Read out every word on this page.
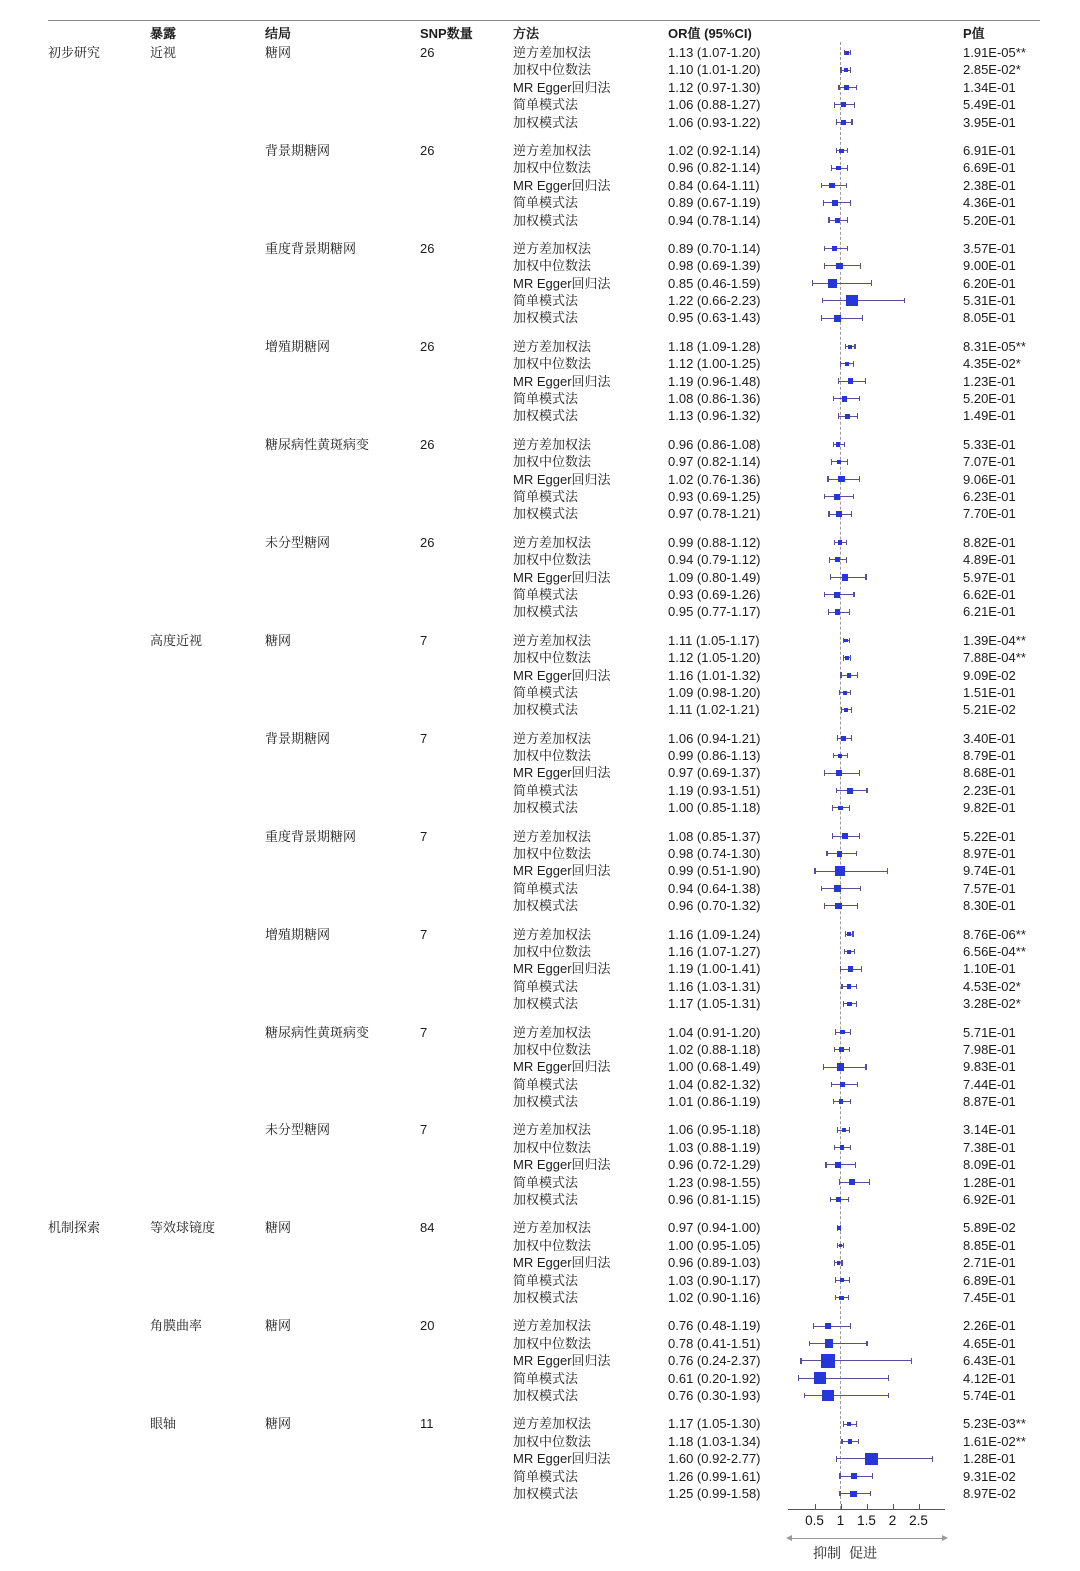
暴露	结局	SNP数量	方法	OR值 (95%CI)	P值
初步研究	近视	糖网	26	逆方差加权法	1.13 (1.07-1.20)	1.91E-05**
加权中位数法	1.10 (1.01-1.20)	2.85E-02*
MR Egger回归法	1.12 (0.97-1.30)	1.34E-01
简单模式法	1.06 (0.88-1.27)	5.49E-01
加权模式法	1.06 (0.93-1.22)	3.95E-01
背景期糖网	26	逆方差加权法	1.02 (0.92-1.14)	6.91E-01
加权中位数法	0.96 (0.82-1.14)	6.69E-01
MR Egger回归法	0.84 (0.64-1.11)	2.38E-01
简单模式法	0.89 (0.67-1.19)	4.36E-01
加权模式法	0.94 (0.78-1.14)	5.20E-01
重度背景期糖网	26	逆方差加权法	0.89 (0.70-1.14)	3.57E-01
加权中位数法	0.98 (0.69-1.39)	9.00E-01
MR Egger回归法	0.85 (0.46-1.59)	6.20E-01
简单模式法	1.22 (0.66-2.23)	5.31E-01
加权模式法	0.95 (0.63-1.43)	8.05E-01
增殖期糖网	26	逆方差加权法	1.18 (1.09-1.28)	8.31E-05**
加权中位数法	1.12 (1.00-1.25)	4.35E-02*
MR Egger回归法	1.19 (0.96-1.48)	1.23E-01
简单模式法	1.08 (0.86-1.36)	5.20E-01
加权模式法	1.13 (0.96-1.32)	1.49E-01
糖尿病性黄斑病变	26	逆方差加权法	0.96 (0.86-1.08)	5.33E-01
加权中位数法	0.97 (0.82-1.14)	7.07E-01
MR Egger回归法	1.02 (0.76-1.36)	9.06E-01
简单模式法	0.93 (0.69-1.25)	6.23E-01
加权模式法	0.97 (0.78-1.21)	7.70E-01
未分型糖网	26	逆方差加权法	0.99 (0.88-1.12)	8.82E-01
加权中位数法	0.94 (0.79-1.12)	4.89E-01
MR Egger回归法	1.09 (0.80-1.49)	5.97E-01
简单模式法	0.93 (0.69-1.26)	6.62E-01
加权模式法	0.95 (0.77-1.17)	6.21E-01
高度近视	糖网	7	逆方差加权法	1.11 (1.05-1.17)	1.39E-04**
加权中位数法	1.12 (1.05-1.20)	7.88E-04**
MR Egger回归法	1.16 (1.01-1.32)	9.09E-02
简单模式法	1.09 (0.98-1.20)	1.51E-01
加权模式法	1.11 (1.02-1.21)	5.21E-02
背景期糖网	7	逆方差加权法	1.06 (0.94-1.21)	3.40E-01
加权中位数法	0.99 (0.86-1.13)	8.79E-01
MR Egger回归法	0.97 (0.69-1.37)	8.68E-01
简单模式法	1.19 (0.93-1.51)	2.23E-01
加权模式法	1.00 (0.85-1.18)	9.82E-01
重度背景期糖网	7	逆方差加权法	1.08 (0.85-1.37)	5.22E-01
加权中位数法	0.98 (0.74-1.30)	8.97E-01
MR Egger回归法	0.99 (0.51-1.90)	9.74E-01
简单模式法	0.94 (0.64-1.38)	7.57E-01
加权模式法	0.96 (0.70-1.32)	8.30E-01
增殖期糖网	7	逆方差加权法	1.16 (1.09-1.24)	8.76E-06**
加权中位数法	1.16 (1.07-1.27)	6.56E-04**
MR Egger回归法	1.19 (1.00-1.41)	1.10E-01
简单模式法	1.16 (1.03-1.31)	4.53E-02*
加权模式法	1.17 (1.05-1.31)	3.28E-02*
糖尿病性黄斑病变	7	逆方差加权法	1.04 (0.91-1.20)	5.71E-01
加权中位数法	1.02 (0.88-1.18)	7.98E-01
MR Egger回归法	1.00 (0.68-1.49)	9.83E-01
简单模式法	1.04 (0.82-1.32)	7.44E-01
加权模式法	1.01 (0.86-1.19)	8.87E-01
未分型糖网	7	逆方差加权法	1.06 (0.95-1.18)	3.14E-01
加权中位数法	1.03 (0.88-1.19)	7.38E-01
MR Egger回归法	0.96 (0.72-1.29)	8.09E-01
简单模式法	1.23 (0.98-1.55)	1.28E-01
加权模式法	0.96 (0.81-1.15)	6.92E-01
机制探索	等效球镜度	糖网	84	逆方差加权法	0.97 (0.94-1.00)	5.89E-02
加权中位数法	1.00 (0.95-1.05)	8.85E-01
MR Egger回归法	0.96 (0.89-1.03)	2.71E-01
简单模式法	1.03 (0.90-1.17)	6.89E-01
加权模式法	1.02 (0.90-1.16)	7.45E-01
角膜曲率	糖网	20	逆方差加权法	0.76 (0.48-1.19)	2.26E-01
加权中位数法	0.78 (0.41-1.51)	4.65E-01
MR Egger回归法	0.76 (0.24-2.37)	6.43E-01
简单模式法	0.61 (0.20-1.92)	4.12E-01
加权模式法	0.76 (0.30-1.93)	5.74E-01
眼轴	糖网	11	逆方差加权法	1.17 (1.05-1.30)	5.23E-03**
加权中位数法	1.18 (1.03-1.34)	1.61E-02**
MR Egger回归法	1.60 (0.92-2.77)	1.28E-01
简单模式法	1.26 (0.99-1.61)	9.31E-02
加权模式法	1.25 (0.99-1.58)	8.97E-02
0.5 1 1.5 2 2.5
抑制 促进
